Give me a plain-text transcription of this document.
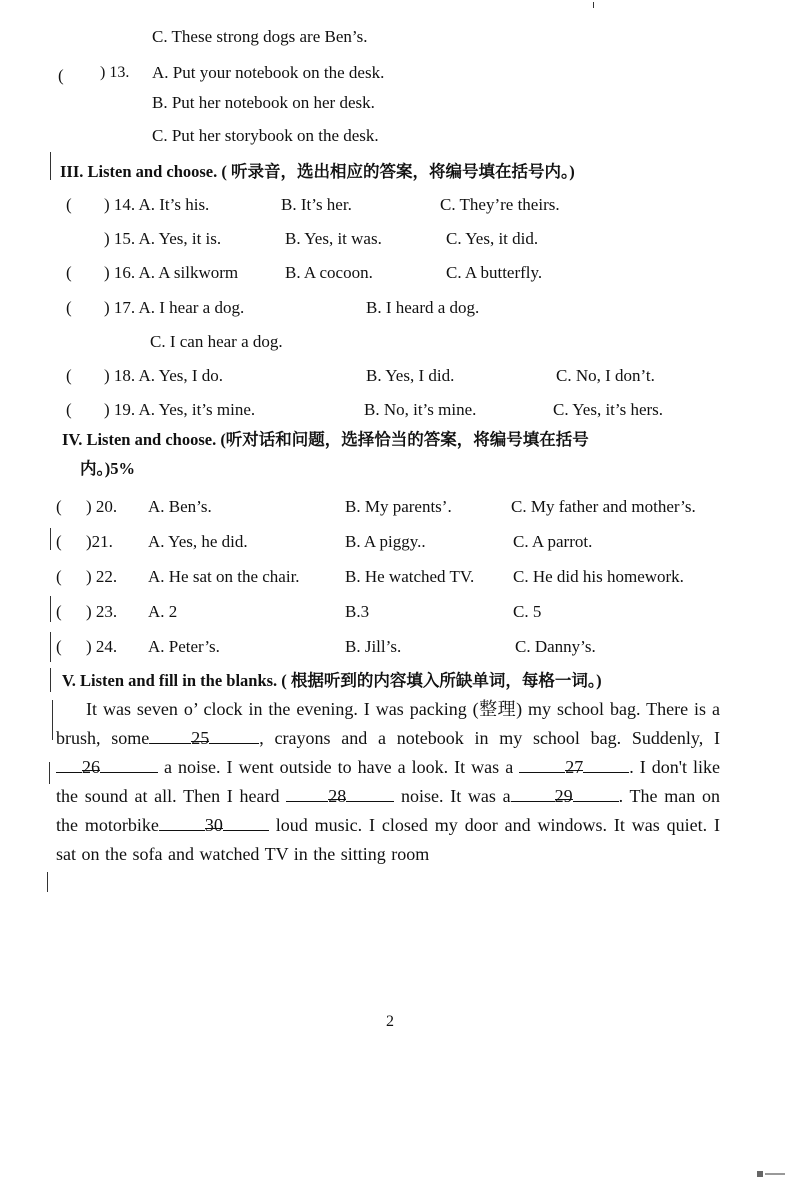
C. These strong dogs are Ben’s.
( ) 13. A. Put your notebook on the desk.
B. Put her notebook on her desk.
C. Put her storybook on the desk.
III. Listen and choose. ( 听录音，选出相应的答案，将编号填在括号内。)
( ) 14. A. It’s his.	B. It’s her.	C. They’re theirs.
) 15. A. Yes, it is.	B. Yes, it was.	C. Yes, it did.
( ) 16. A. A silkworm	B. A cocoon.	C. A butterfly.
( ) 17. A. I hear a dog.	B. I heard a dog.
C. I can hear a dog.
( ) 18. A. Yes, I do.	B. Yes, I did.	C. No, I don’t.
( ) 19. A. Yes, it’s mine.	B. No, it’s mine.	C. Yes, it’s hers.
IV. Listen and choose. (听对话和问题，选择恰当的答案，将编号填在括号
内。)5%
( ) 20. A. Ben’s.	B. My parents’.	C. My father and mother’s.
( )21. A. Yes, he did.	B. A piggy..	C. A parrot.
( ) 22. A. He sat on the chair.	B. He watched TV. C. He did his homework.
( ) 23. A. 2	B.3	C. 5
( ) 24. A. Peter’s.	B. Jill’s.	C. Danny’s.
V. Listen and fill in the blanks. ( 根据听到的内容填入所缺单词，每格一词。)
It was seven o’ clock in the evening. I was packing (整理) my school bag. There is a brush, some 25	, crayons and a notebook in my school bag. Suddenly, I26	a noise. I went outside to have a look. It was a	27	. I don't like the sound at all. Then I heard	28	noise. It was a 29	. The man on the motorbike	30	loud music. I closed my door and windows. It was quiet. I sat on the sofa and watched TV in the sitting room
2
